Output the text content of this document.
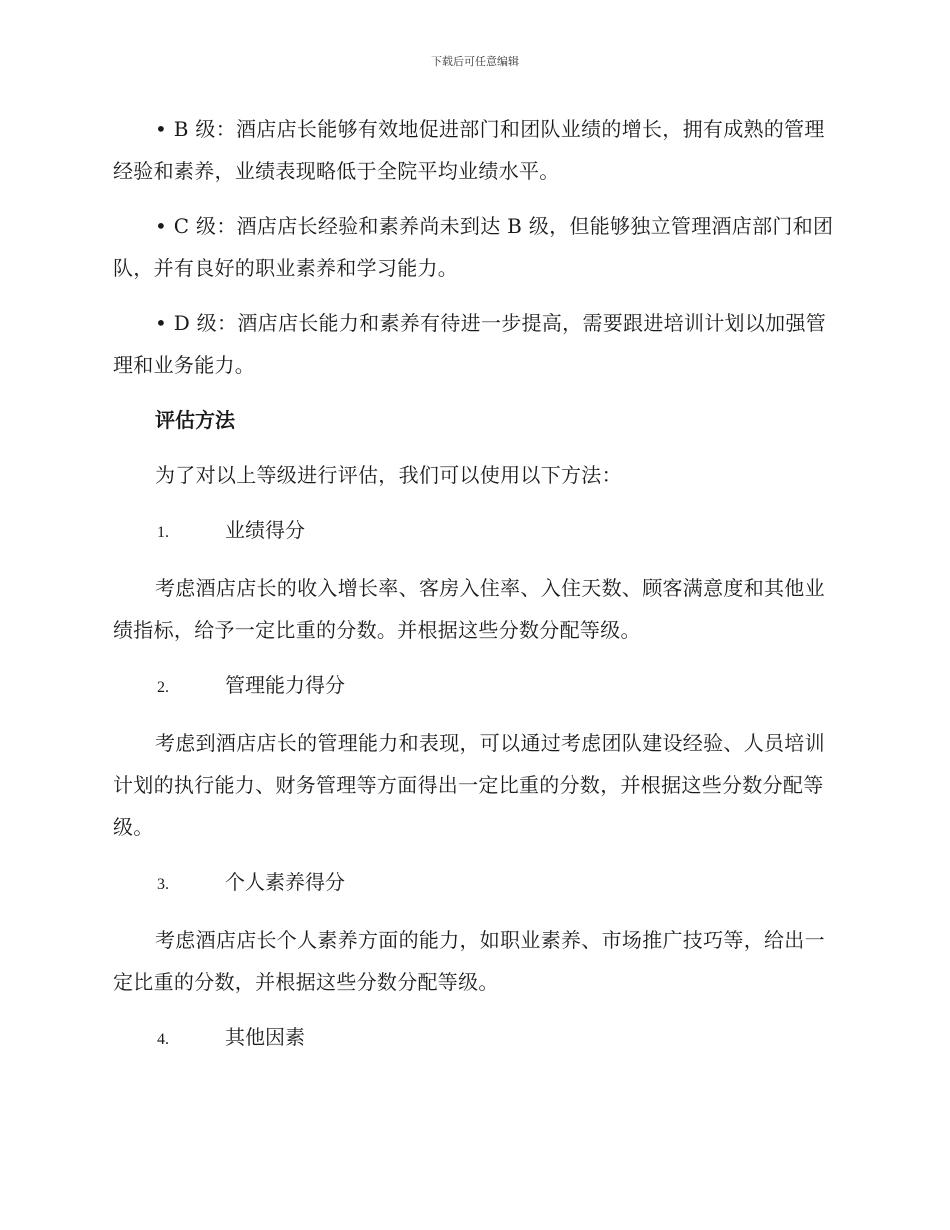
下载后可任意编辑

• B 级：酒店店长能够有效地促进部门和团队业绩的增长，拥有成熟的管理经验和素养，业绩表现略低于全院平均业绩水平。

• C 级：酒店店长经验和素养尚未到达 B 级，但能够独立管理酒店部门和团队，并有良好的职业素养和学习能力。

• D 级：酒店店长能力和素养有待进一步提高，需要跟进培训计划以加强管理和业务能力。

评估方法

为了对以上等级进行评估，我们可以使用以下方法：

1.	业绩得分

考虑酒店店长的收入增长率、客房入住率、入住天数、顾客满意度和其他业绩指标，给予一定比重的分数。并根据这些分数分配等级。

2.	管理能力得分

考虑到酒店店长的管理能力和表现，可以通过考虑团队建设经验、人员培训计划的执行能力、财务管理等方面得出一定比重的分数，并根据这些分数分配等级。

3.	个人素养得分

考虑酒店店长个人素养方面的能力，如职业素养、市场推广技巧等，给出一定比重的分数，并根据这些分数分配等级。

4.	其他因素
